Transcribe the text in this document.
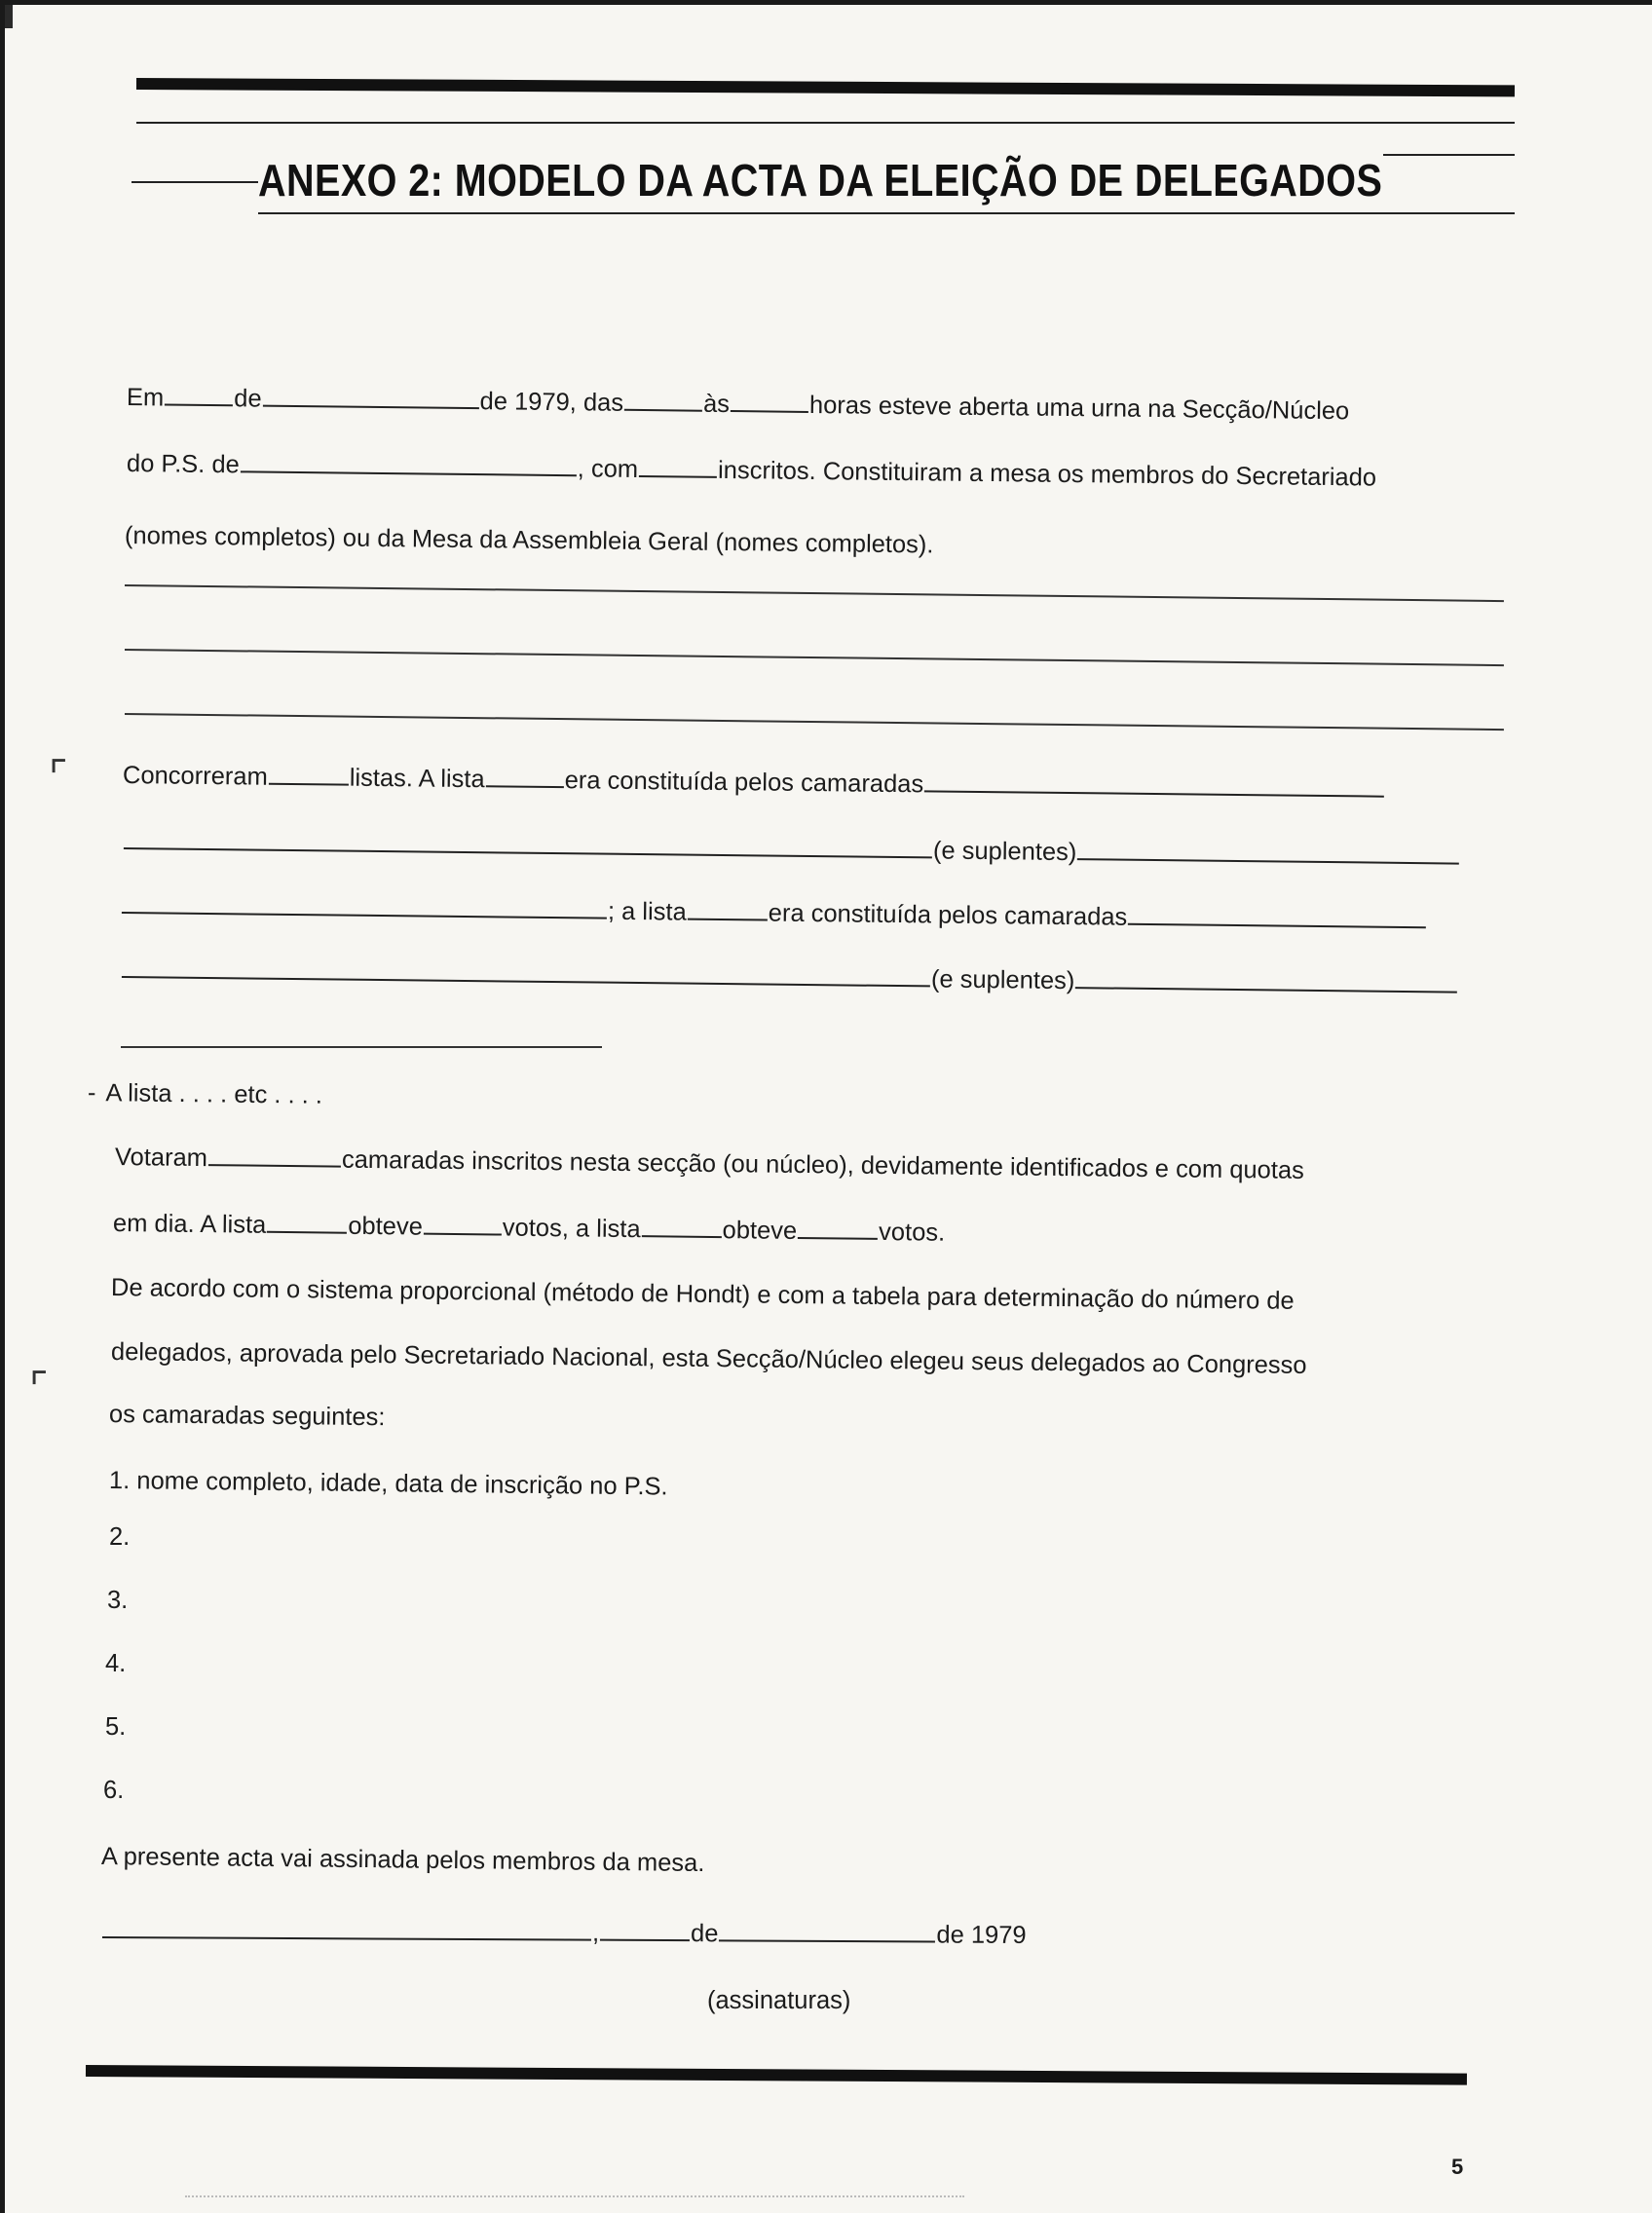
ANEXO 2: MODELO DA ACTA DA ELEIÇÃO DE DELEGADOS
Em	de	de 1979, das	às	horas esteve aberta uma urna na Secção/Núcleo
do P.S. de	, com	inscritos. Constituiram a mesa os membros do Secretariado
(nomes completos) ou da Mesa da Assembleia Geral (nomes completos).
⌜ Concorreram	listas. A lista	era constituída pelos camaradas
(e suplentes)
; a lista	era constituída pelos camaradas
(e suplentes)
- A lista . . . . etc . . . .
Votaram	camaradas inscritos nesta secção (ou núcleo), devidamente identificados e com quotas
em dia. A lista	obteve	votos, a lista	obteve	votos.
De acordo com o sistema proporcional (método de Hondt) e com a tabela para determinação do número de
⌜
delegados, aprovada pelo Secretariado Nacional, esta Secção/Núcleo elegeu seus delegados ao Congresso
os camaradas seguintes:
1. nome completo, idade, data de inscrição no P.S.
2.
3.
4.
5.
6.
A presente acta vai assinada pelos membros da mesa.
,	de	de 1979
(assinaturas)
5
